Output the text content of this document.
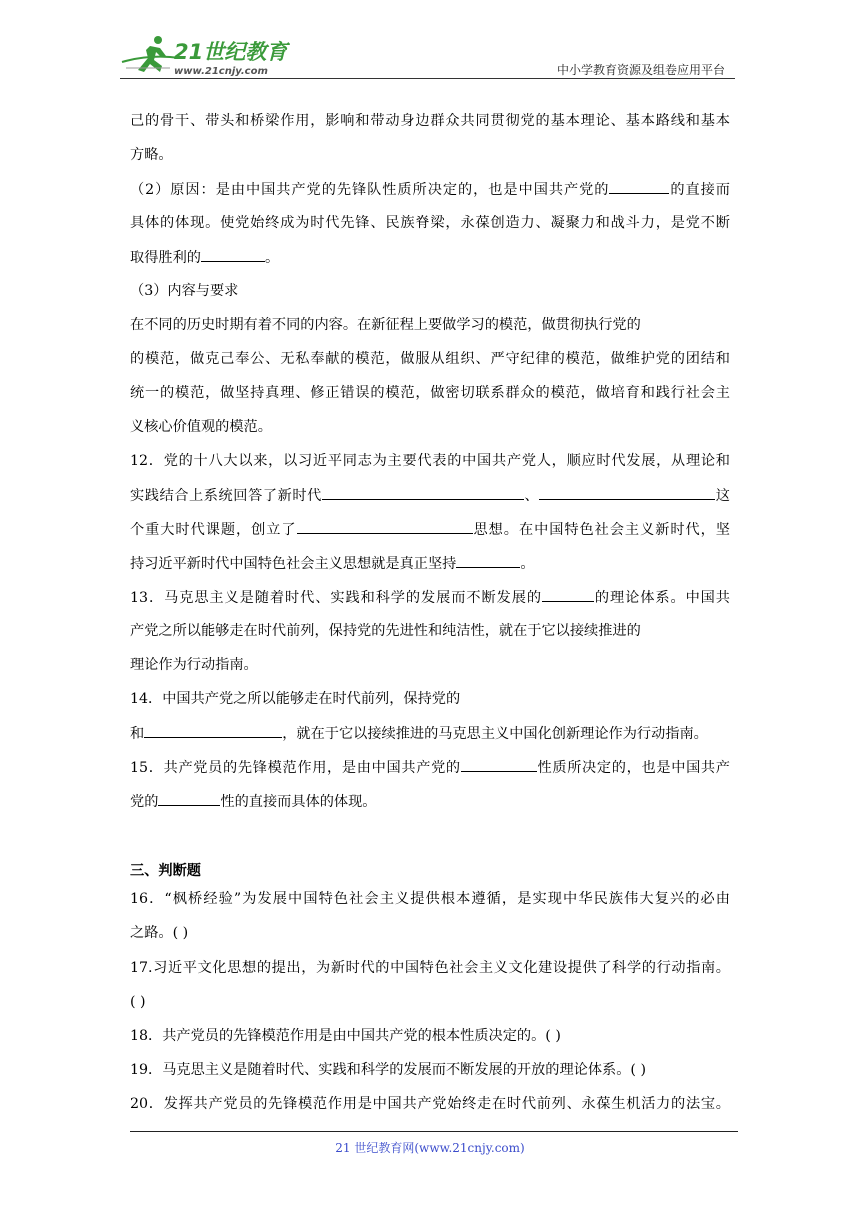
21世纪教育
www.21cnjy.com	中小学教育资源及组卷应用平台
己的骨干、带头和桥梁作用，影响和带动身边群众共同贯彻党的基本理论、基本路线和基本
方略。
（2）原因：是由中国共产党的先锋队性质所决定的，也是中国共产党的	的直接而
具体的体现。使党始终成为时代先锋、民族脊梁，永葆创造力、凝聚力和战斗力，是党不断
取得胜利的	。
（3）内容与要求
在不同的历史时期有着不同的内容。在新征程上要做学习的模范，做贯彻执行党的
的模范，做克己奉公、无私奉献的模范，做服从组织、严守纪律的模范，做维护党的团结和
统一的模范，做坚持真理、修正错误的模范，做密切联系群众的模范，做培育和践行社会主
义核心价值观的模范。
12．党的十八大以来，以习近平同志为主要代表的中国共产党人，顺应时代发展，从理论和
实践结合上系统回答了新时代	、	这
个重大时代课题，创立了	思想。在中国特色社会主义新时代，坚
持习近平新时代中国特色社会主义思想就是真正坚持	。
13．马克思主义是随着时代、实践和科学的发展而不断发展的	的理论体系。中国共
产党之所以能够走在时代前列，保持党的先进性和纯洁性，就在于它以接续推进的
理论作为行动指南。
14．中国共产党之所以能够走在时代前列，保持党的
和	，就在于它以接续推进的马克思主义中国化创新理论作为行动指南。
15．共产党员的先锋模范作用，是由中国共产党的	性质所决定的，也是中国共产
党的	性的直接而具体的体现。
三、判断题
16．“枫桥经验”为发展中国特色社会主义提供根本遵循，是实现中华民族伟大复兴的必由
之路。( )
17.习近平文化思想的提出，为新时代的中国特色社会主义文化建设提供了科学的行动指南。
( )
18．共产党员的先锋模范作用是由中国共产党的根本性质决定的。( )
19．马克思主义是随着时代、实践和科学的发展而不断发展的开放的理论体系。( )
20．发挥共产党员的先锋模范作用是中国共产党始终走在时代前列、永葆生机活力的法宝。
21 世纪教育网(www.21cnjy.com)
